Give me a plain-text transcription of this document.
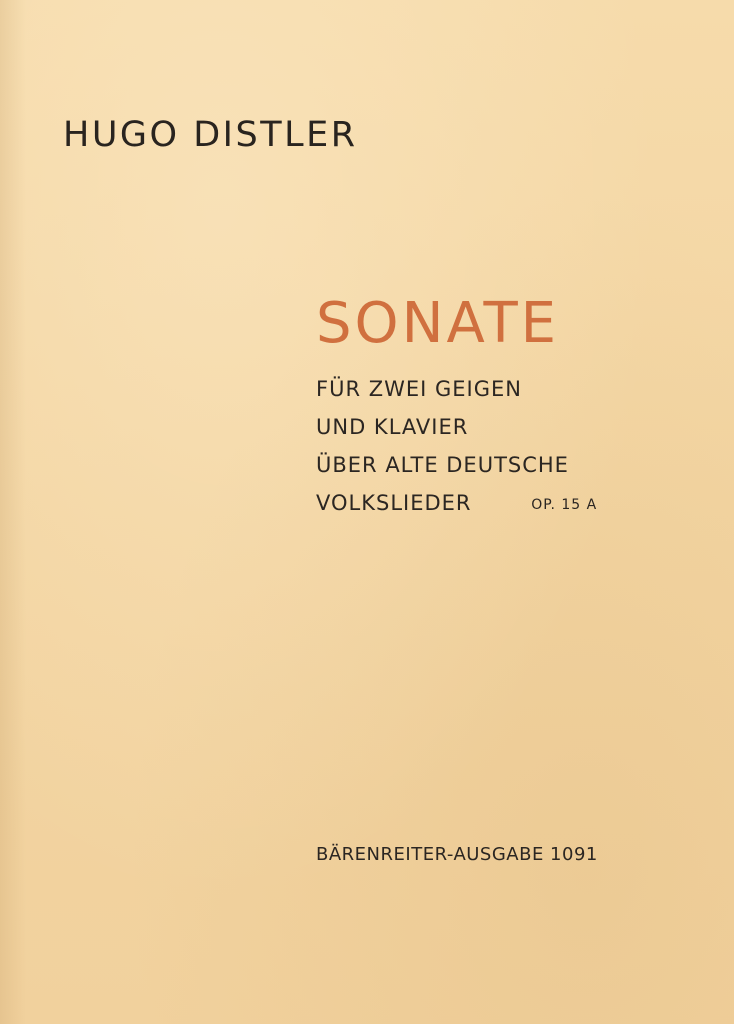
HUGO DISTLER
SONATE
FÜR ZWEI GEIGEN
UND KLAVIER
ÜBER ALTE DEUTSCHE
VOLKSLIEDER	OP. 15 A
BÄRENREITER-AUSGABE 1091
